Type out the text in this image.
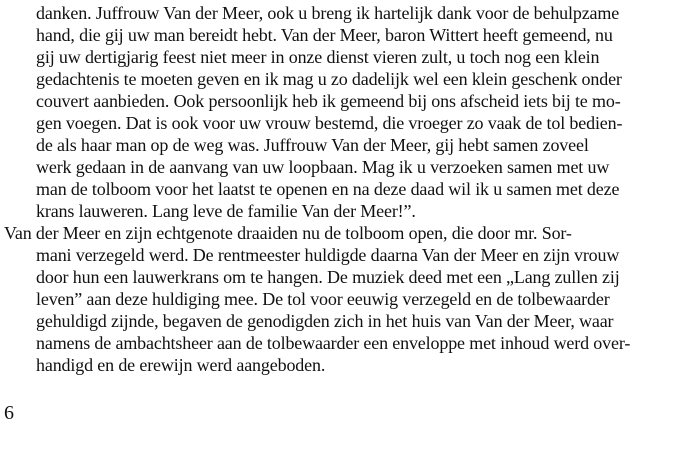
danken. Juffrouw Van der Meer, ook u breng ik hartelijk dank voor de behulpzame
hand, die gij uw man bereidt hebt. Van der Meer, baron Wittert heeft gemeend, nu
gij uw dertigjarig feest niet meer in onze dienst vieren zult, u toch nog een klein
gedachtenis te moeten geven en ik mag u zo dadelijk wel een klein geschenk onder
couvert aanbieden. Ook persoonlijk heb ik gemeend bij ons afscheid iets bij te mo-
gen voegen. Dat is ook voor uw vrouw bestemd, die vroeger zo vaak de tol bedien-
de als haar man op de weg was. Juffrouw Van der Meer, gij hebt samen zoveel
werk gedaan in de aanvang van uw loopbaan. Mag ik u verzoeken samen met uw
man de tolboom voor het laatst te openen en na deze daad wil ik u samen met deze
krans lauweren. Lang leve de familie Van der Meer!”.
Van der Meer en zijn echtgenote draaiden nu de tolboom open, die door mr. Sor-
mani verzegeld werd. De rentmeester huldigde daarna Van der Meer en zijn vrouw
door hun een lauwerkrans om te hangen. De muziek deed met een „Lang zullen zij
leven” aan deze huldiging mee. De tol voor eeuwig verzegeld en de tolbewaarder
gehuldigd zijnde, begaven de genodigden zich in het huis van Van der Meer, waar
namens de ambachtsheer aan de tolbewaarder een enveloppe met inhoud werd over-
handigd en de erewijn werd aangeboden.
6
